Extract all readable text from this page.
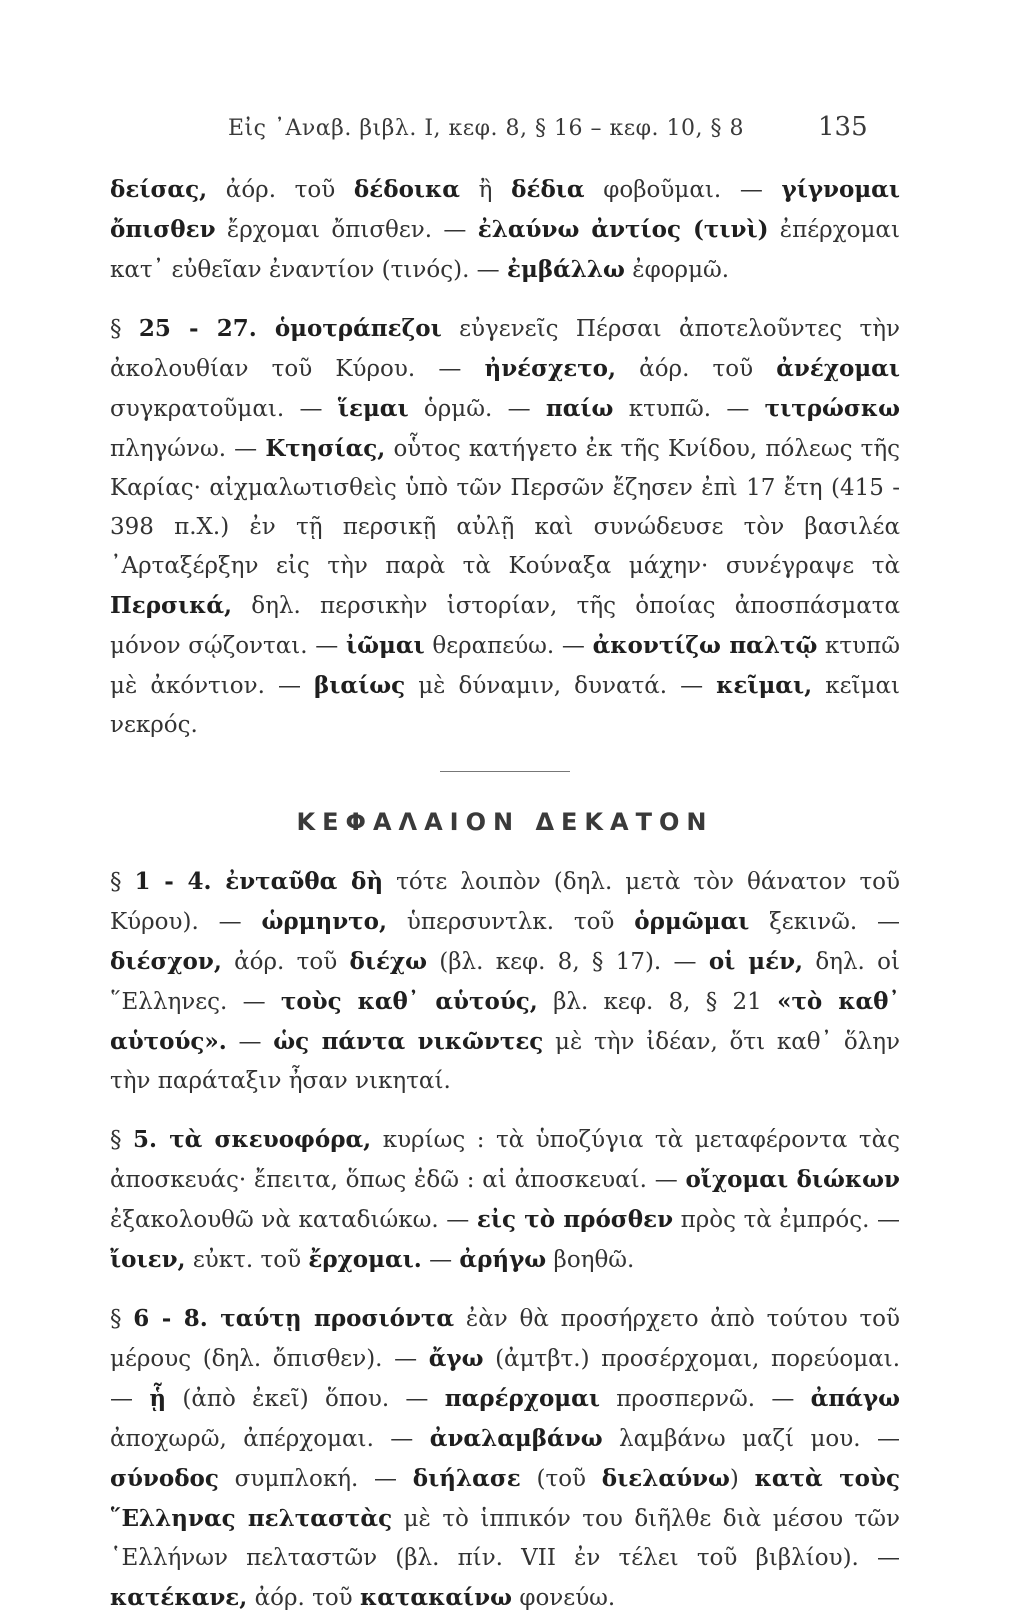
Εἰς ᾿Αναβ. βιβλ. I, κεφ. 8, § 16 – κεφ. 10, § 8	135

δείσας, ἀόρ. τοῦ δέδοικα ἢ δέδια φοβοῦμαι. — γίγνομαι ὄπισθεν ἔρχομαι ὄπισθεν. — ἐλαύνω ἀντίος (τινὶ) ἐπέρχομαι κατ᾿ εὐθεῖαν ἐναντίον (τινός). — ἐμβάλλω ἐφορμῶ.

§ 25 - 27. ὁμοτράπεζοι εὐγενεῖς Πέρσαι ἀποτελοῦντες τὴν ἀκολουθίαν τοῦ Κύρου. — ἠνέσχετο, ἀόρ. τοῦ ἀνέχομαι συγκρατοῦμαι. — ἵεμαι ὁρμῶ. — παίω κτυπῶ. — τιτρώσκω πληγώνω. — Κτησίας, οὗτος κατήγετο ἐκ τῆς Κνίδου, πόλεως τῆς Καρίας· αἰχμαλωτισθεὶς ὑπὸ τῶν Περσῶν ἔζησεν ἐπὶ 17 ἔτη (415 - 398 π.Χ.) ἐν τῇ περσικῇ αὐλῇ καὶ συνώδευσε τὸν βασιλέα ᾿Αρταξέρξην εἰς τὴν παρὰ τὰ Κούναξα μάχην· συνέγραψε τὰ Περσικά, δηλ. περσικὴν ἱστορίαν, τῆς ὁποίας ἀποσπάσματα μόνον σῴζονται. — ἰῶμαι θεραπεύω. — ἀκοντίζω παλτῷ κτυπῶ μὲ ἀκόντιον. — βιαίως μὲ δύναμιν, δυνατά. — κεῖμαι, κεῖμαι νεκρός.

ΚΕΦΑΛΑΙΟΝ ΔΕΚΑΤΟΝ

§ 1 - 4. ἐνταῦθα δὴ τότε λοιπὸν (δηλ. μετὰ τὸν θάνατον τοῦ Κύρου). — ὡρμηντο, ὑπερσυντλκ. τοῦ ὁρμῶμαι ξεκινῶ. — διέσχον, ἀόρ. τοῦ διέχω (βλ. κεφ. 8, § 17). — οἱ μέν, δηλ. οἱ ῞Ελληνες. — τοὺς καθ᾿ αὑτούς, βλ. κεφ. 8, § 21 «τὸ καθ᾿ αὑτούς». — ὡς πάντα νικῶντες μὲ τὴν ἰδέαν, ὅτι καθ᾿ ὅλην τὴν παράταξιν ἦσαν νικηταί.

§ 5. τὰ σκευοφόρα, κυρίως : τὰ ὑποζύγια τὰ μεταφέροντα τὰς ἀποσκευάς· ἔπειτα, ὅπως ἐδῶ : αἱ ἀποσκευαί. — οἴχομαι διώκων ἐξακολουθῶ νὰ καταδιώκω. — εἰς τὸ πρόσθεν πρὸς τὰ ἐμπρός. — ἴοιεν, εὐκτ. τοῦ ἔρχομαι. — ἀρήγω βοηθῶ.

§ 6 - 8. ταύτῃ προσιόντα ἐὰν θὰ προσήρχετο ἀπὸ τούτου τοῦ μέρους (δηλ. ὄπισθεν). — ἄγω (ἀμτβτ.) προσέρχομαι, πορεύομαι. — ᾗ (ἀπὸ ἐκεῖ) ὅπου. — παρέρχομαι προσπερνῶ. — ἀπάγω ἀποχωρῶ, ἀπέρχομαι. — ἀναλαμβάνω λαμβάνω μαζί μου. — σύνοδος συμπλοκή. — διήλασε (τοῦ διελαύνω) κατὰ τοὺς ῞Ελληνας πελταστὰς μὲ τὸ ἱππικόν του διῆλθε διὰ μέσου τῶν ῾Ελλήνων πελταστῶν (βλ. πίν. VII ἐν τέλει τοῦ βιβλίου). — κατέκανε, ἀόρ. τοῦ κατακαίνω φονεύω.
